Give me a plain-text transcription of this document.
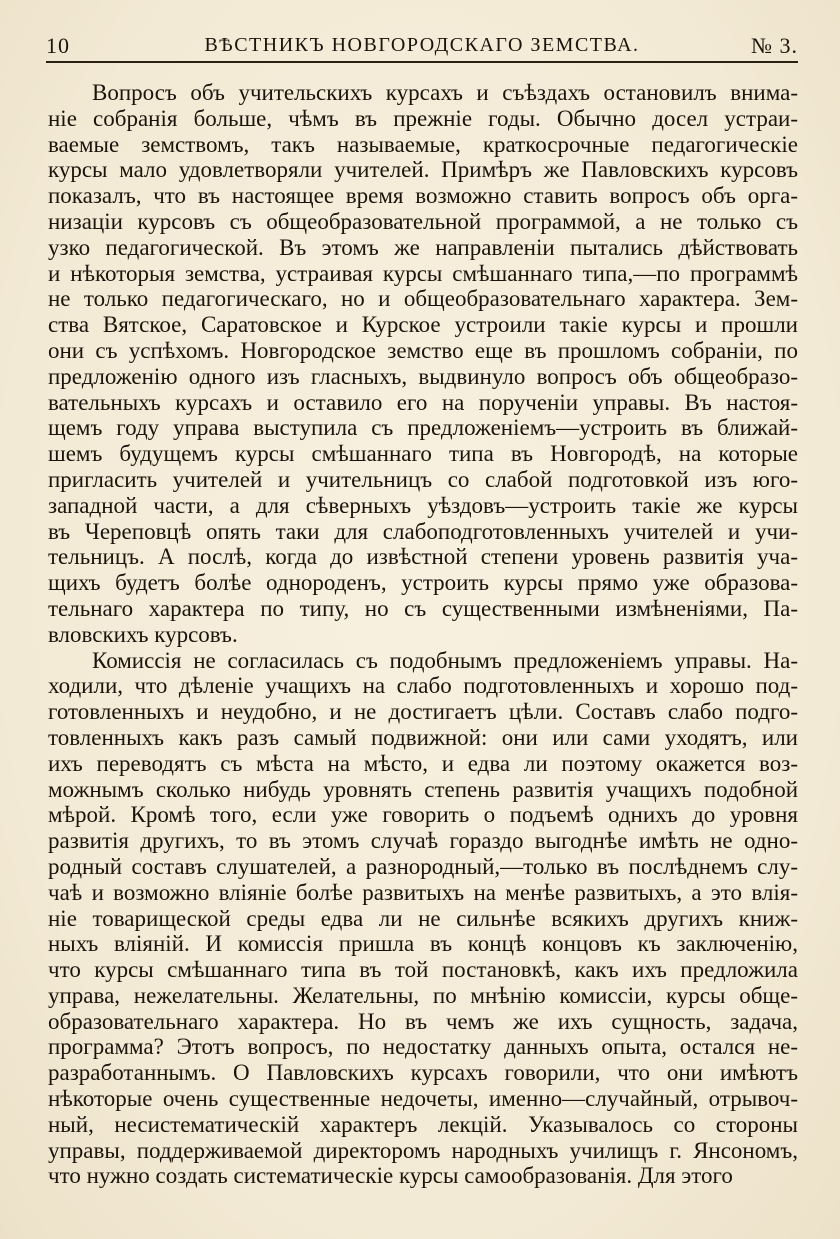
10	ВѢСТНИКЪ НОВГОРОДСКАГО ЗЕМСТВА.	№ 3.
Вопросъ объ учительскихъ курсахъ и съѣздахъ остановилъ внима-
ніе собранія больше, чѣмъ въ прежніе годы. Обычно досел устраи-
ваемые земствомъ, такъ называемые, краткосрочные педагогическіе
курсы мало удовлетворяли учителей. Примѣръ же Павловскихъ курсовъ
показалъ, что въ настоящее время возможно ставить вопросъ объ орга-
низаціи курсовъ съ общеобразовательной программой, а не только съ
узко педагогической. Въ этомъ же направленіи пытались дѣйствовать
и нѣкоторыя земства, устраивая курсы смѣшаннаго типа,—по программѣ
не только педагогическаго, но и общеобразовательнаго характера. Зем-
ства Вятское, Саратовское и Курское устроили такіе курсы и прошли
они съ успѣхомъ. Новгородское земство еще въ прошломъ собраніи, по
предложенію одного изъ гласныхъ, выдвинуло вопросъ объ общеобразо-
вательныхъ курсахъ и оставило его на порученіи управы. Въ настоя-
щемъ году управа выступила съ предложеніемъ—устроить въ ближай-
шемъ будущемъ курсы смѣшаннаго типа въ Новгородѣ, на которые
пригласить учителей и учительницъ со слабой подготовкой изъ юго-
западной части, а для сѣверныхъ уѣздовъ—устроить такіе же курсы
въ Череповцѣ опять таки для слабоподготовленныхъ учителей и учи-
тельницъ. А послѣ, когда до извѣстной степени уровень развитія уча-
щихъ будетъ болѣе однороденъ, устроить курсы прямо уже образова-
тельнаго характера по типу, но съ существенными измѣненіями, Па-
вловскихъ курсовъ.
Комиссія не согласилась съ подобнымъ предложеніемъ управы. На-
ходили, что дѣленіе учащихъ на слабо подготовленныхъ и хорошо под-
готовленныхъ и неудобно, и не достигаетъ цѣли. Составъ слабо подго-
товленныхъ какъ разъ самый подвижной: они или сами уходятъ, или
ихъ переводятъ съ мѣста на мѣсто, и едва ли поэтому окажется воз-
можнымъ сколько нибудь уровнять степень развитія учащихъ подобной
мѣрой. Кромѣ того, если уже говорить о подъемѣ однихъ до уровня
развитія другихъ, то въ этомъ случаѣ гораздо выгоднѣе имѣть не одно-
родный составъ слушателей, а разнородный,—только въ послѣднемъ слу-
чаѣ и возможно вліяніе болѣе развитыхъ на менѣе развитыхъ, а это влія-
ніе товарищеской среды едва ли не сильнѣе всякихъ другихъ книж-
ныхъ вліяній. И комиссія пришла въ концѣ концовъ къ заключенію,
что курсы смѣшаннаго типа въ той постановкѣ, какъ ихъ предложила
управа, нежелательны. Желательны, по мнѣнію комиссіи, курсы обще-
образовательнаго характера. Но въ чемъ же ихъ сущность, задача,
программа? Этотъ вопросъ, по недостатку данныхъ опыта, остался не-
разработаннымъ. О Павловскихъ курсахъ говорили, что они имѣютъ
нѣкоторые очень существенные недочеты, именно—случайный, отрывоч-
ный, несистематическій характеръ лекцій. Указывалось со стороны
управы, поддерживаемой директоромъ народныхъ училищъ г. Янсономъ,
что нужно создать систематическіе курсы самообразованія. Для этого
